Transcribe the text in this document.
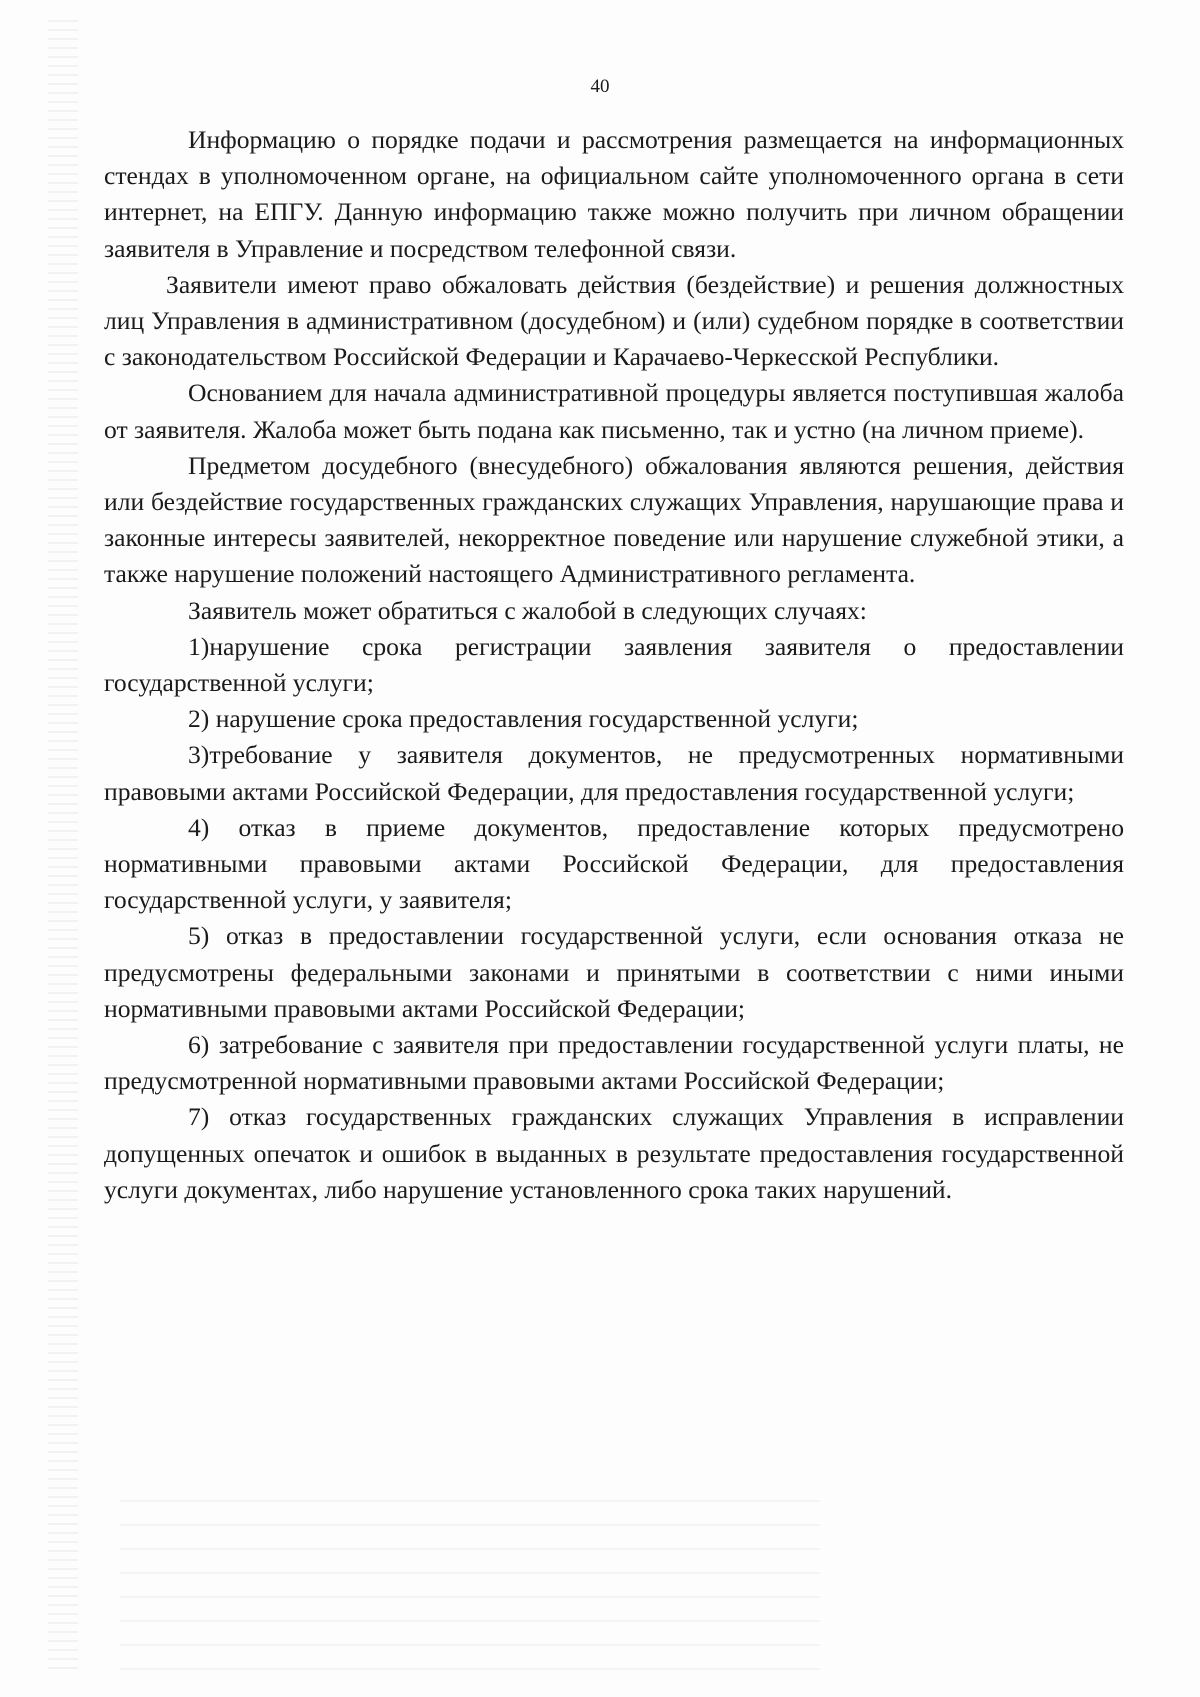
40

Информацию о порядке подачи и рассмотрения размещается на информационных стендах в уполномоченном органе, на официальном сайте уполномоченного органа в сети интернет, на ЕПГУ. Данную информацию также можно получить при личном обращении заявителя в Управление и посредством телефонной связи.

Заявители имеют право обжаловать действия (бездействие) и решения должностных лиц Управления в административном (досудебном) и (или) судебном порядке в соответствии с законодательством Российской Федерации и Карачаево-Черкесской Республики.

Основанием для начала административной процедуры является поступившая жалоба от заявителя. Жалоба может быть подана как письменно, так и устно (на личном приеме).

Предметом досудебного (внесудебного) обжалования являются решения, действия или бездействие государственных гражданских служащих Управления, нарушающие права и законные интересы заявителей, некорректное поведение или нарушение служебной этики, а также нарушение положений настоящего Административного регламента.

Заявитель может обратиться с жалобой в следующих случаях:

1)нарушение срока регистрации заявления заявителя о предоставлении государственной услуги;

2) нарушение срока предоставления государственной услуги;

3)требование у заявителя документов, не предусмотренных нормативными правовыми актами Российской Федерации, для предоставления государственной услуги;

4) отказ в приеме документов, предоставление которых предусмотрено нормативными правовыми актами Российской Федерации, для предоставления государственной услуги, у заявителя;

5) отказ в предоставлении государственной услуги, если основания отказа не предусмотрены федеральными законами и принятыми в соответствии с ними иными нормативными правовыми актами Российской Федерации;

6) затребование с заявителя при предоставлении государственной услуги платы, не предусмотренной нормативными правовыми актами Российской Федерации;

7) отказ государственных гражданских служащих Управления в исправлении допущенных опечаток и ошибок в выданных в результате предоставления государственной услуги документах, либо нарушение установленного срока таких нарушений.
